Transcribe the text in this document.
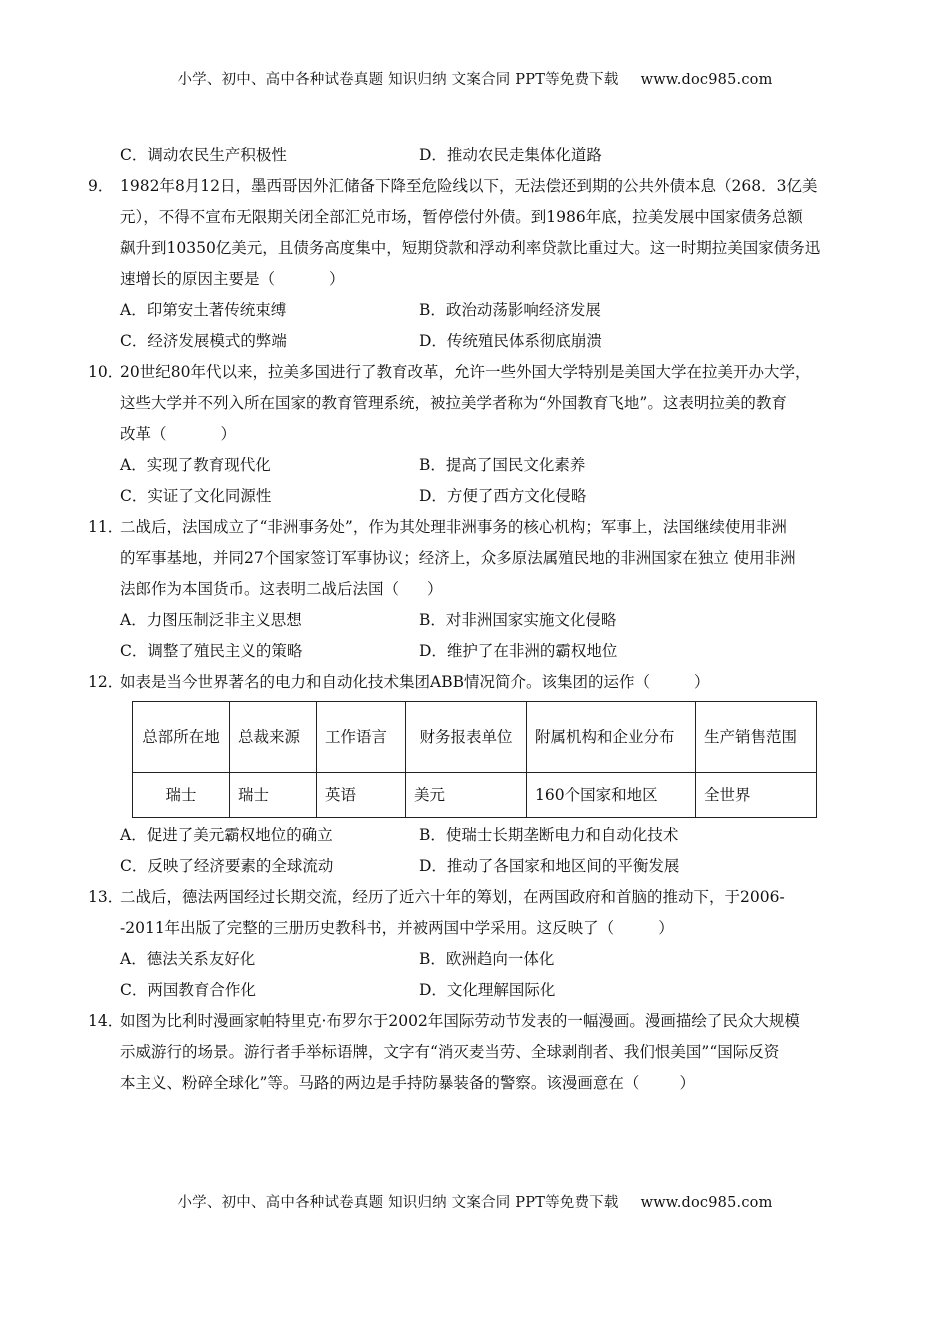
小学、初中、高中各种试卷真题 知识归纳 文案合同 PPT等免费下载 www.doc985.com
C．调动农民生产积极性	D．推动农民走集体化道路
9． 1982年8月12日，墨西哥因外汇储备下降至危险线以下，无法偿还到期的公共外债本息（268．3亿美
元），不得不宣布无限期关闭全部汇兑市场，暂停偿付外债。到1986年底，拉美发展中国家债务总额
飙升到10350亿美元，且债务高度集中，短期贷款和浮动利率贷款比重过大。这一时期拉美国家债务迅
速增长的原因主要是（	）
A．印第安土著传统束缚	B．政治动荡影响经济发展
C．经济发展模式的弊端	D．传统殖民体系彻底崩溃
10．
20世纪80年代以来，拉美多国进行了教育改革，允许一些外国大学特别是美国大学在拉美开办大学，
这些大学并不列入所在国家的教育管理系统，被拉美学者称为“外国教育飞地”。这表明拉美的教育
改革（	）
A．实现了教育现代化	B．提高了国民文化素养
C．实证了文化同源性	D．方便了西方文化侵略
11．
二战后，法国成立了“非洲事务处”，作为其处理非洲事务的核心机构；军事上，法国继续使用非洲
的军事基地，并同27个国家签订军事协议；经济上，众多原法属殖民地的非洲国家在独立 使用非洲
法郎作为本国货币。这表明二战后法国（ ）
A．力图压制泛非主义思想	B．对非洲国家实施文化侵略
C．调整了殖民主义的策略	D．维护了在非洲的霸权地位
12．
如表是当今世界著名的电力和自动化技术集团ABB情况简介。该集团的运作（	）
总部所在地	总裁来源	工作语言	财务报表单位	附属机构和企业分布	生产销售范围
瑞士	瑞士	英语	美元	160个国家和地区	全世界
A．促进了美元霸权地位的确立	B．使瑞士长期垄断电力和自动化技术
C．反映了经济要素的全球流动	D．推动了各国家和地区间的平衡发展
13．
二战后，德法两国经过长期交流，经历了近六十年的筹划，在两国政府和首脑的推动下，于2006-
-2011年出版了完整的三册历史教科书，并被两国中学采用。这反映了（	）
A．德法关系友好化	B．欧洲趋向一体化
C．两国教育合作化	D．文化理解国际化
14．
如图为比利时漫画家帕特里克·布罗尔于2002年国际劳动节发表的一幅漫画。漫画描绘了民众大规模
示威游行的场景。游行者手举标语牌，文字有“消灭麦当劳、全球剥削者、我们恨美国”“国际反资
本主义、粉碎全球化”等。马路的两边是手持防暴装备的警察。该漫画意在（	）
小学、初中、高中各种试卷真题 知识归纳 文案合同 PPT等免费下载 www.doc985.com
